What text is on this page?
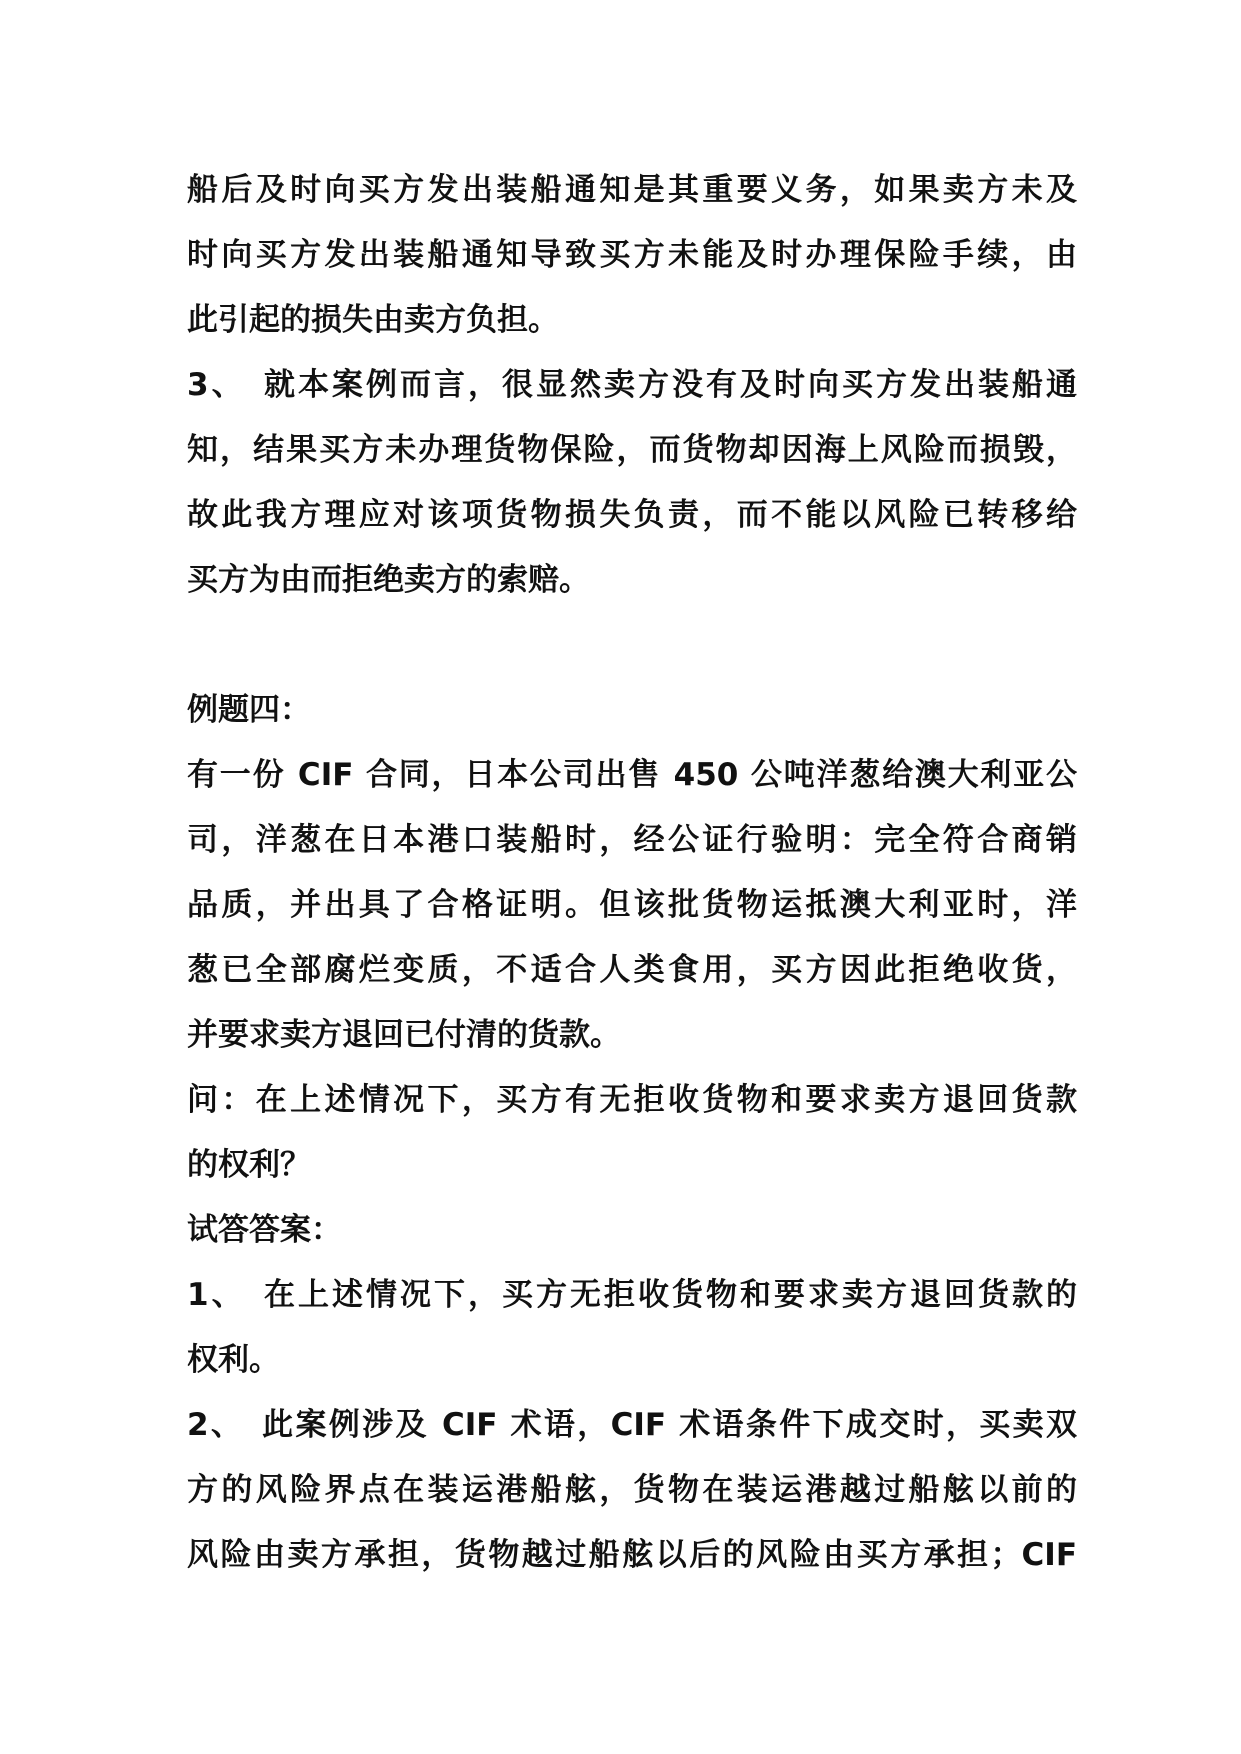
船后及时向买方发出装船通知是其重要义务，如果卖方未及
时向买方发出装船通知导致买方未能及时办理保险手续，由
此引起的损失由卖方负担。
3、　就本案例而言，很显然卖方没有及时向买方发出装船通
知，结果买方未办理货物保险，而货物却因海上风险而损毁，
故此我方理应对该项货物损失负责，而不能以风险已转移给
买方为由而拒绝卖方的索赔。
例题四：
有一份 CIF 合同，日本公司出售 450 公吨洋葱给澳大利亚公
司，洋葱在日本港口装船时，经公证行验明：完全符合商销
品质，并出具了合格证明。但该批货物运抵澳大利亚时，洋
葱已全部腐烂变质，不适合人类食用，买方因此拒绝收货，
并要求卖方退回已付清的货款。
问：在上述情况下，买方有无拒收货物和要求卖方退回货款
的权利？
试答答案：
1、　在上述情况下，买方无拒收货物和要求卖方退回货款的
权利。
2、　此案例涉及 CIF 术语，CIF 术语条件下成交时，买卖双
方的风险界点在装运港船舷，货物在装运港越过船舷以前的
风险由卖方承担，货物越过船舷以后的风险由买方承担；CIF
